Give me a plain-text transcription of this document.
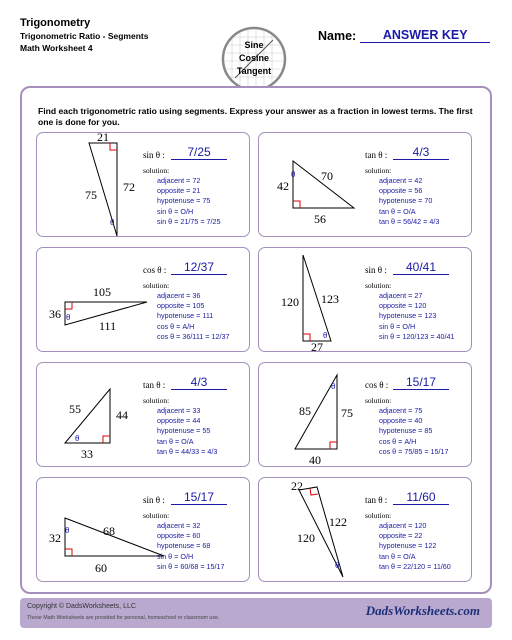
Trigonometry
Trigonometric Ratio - Segments
Math Worksheet 4	Sine
Cosine
Tangent
Name:	ANSWER KEY
Find each trigonometric ratio using segments. Express your answer as a fraction in lowest terms. The first one is done for you.
21
72
75
θ
sin θ :	7/25
solution:
adjacent = 72
opposite = 21
hypotenuse = 75
sin θ = O/H
sin θ = 21/75 = 7/25
42
70
56
θ
tan θ :	4/3
solution:
adjacent = 42
opposite = 56
hypotenuse = 70
tan θ = O/A
tan θ = 56/42 = 4/3
105
36
111
θ
cos θ :	12/37
solution:
adjacent = 36
opposite = 105
hypotenuse = 111
cos θ = A/H
cos θ = 36/111 = 12/37
120 123
27
θ
sin θ :	40/41
solution:
adjacent = 27
opposite = 120
hypotenuse = 123
sin θ = O/H
sin θ = 120/123 = 40/41
55	44
33
θ
tan θ :	4/3
solution:
adjacent = 33
opposite = 44
hypotenuse = 55
tan θ = O/A
tan θ = 44/33 = 4/3
85	75
40
θ	cos θ :	15/17
solution:
adjacent = 75
opposite = 40
hypotenuse = 85
cos θ = A/H
cos θ = 75/85 = 15/17
32	68
60
θ
sin θ :	15/17
solution:
adjacent = 32
opposite = 60
hypotenuse = 68
sin θ = O/H
sin θ = 60/68 = 15/17
22
122
120
θ
tan θ :	11/60
solution:
adjacent = 120
opposite = 22
hypotenuse = 122
tan θ = O/A
tan θ = 22/120 = 11/60
Copyright © DadsWorksheets, LLC
These Math Worksheets are provided for personal, homeschool or classroom use.	DadsWorksheets.com
